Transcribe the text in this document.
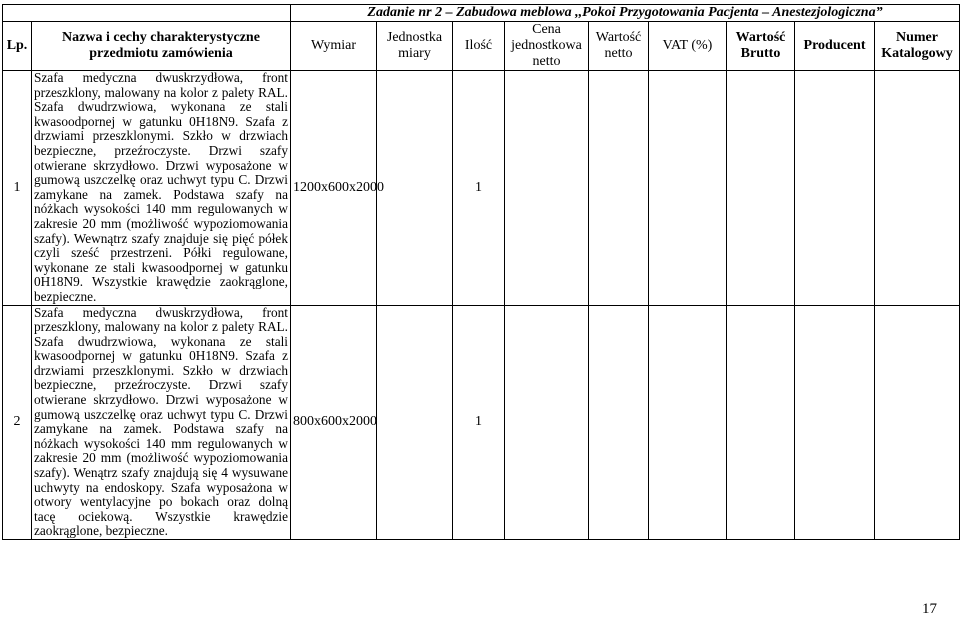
		Zadanie nr 2 – Zabudowa meblowa ,,Pokoi Przygotowania Pacjenta – Anestezjologiczna”								
Lp.	Nazwa i cechy charakterystyczne przedmiotu zamówienia	Wymiar	Jednostka miary	Ilość	Cena jednostkowa netto	Wartość netto	VAT (%)	Wartość Brutto	Producent	Numer Katalogowy
1	Szafa medyczna dwuskrzydłowa, front przeszklony, malowany na kolor z palety RAL. Szafa dwudrzwiowa, wykonana ze stali kwasoodpornej w gatunku 0H18N9. Szafa z drzwiami przeszklonymi. Szkło w drzwiach bezpieczne, przeźroczyste. Drzwi szafy otwierane skrzydłowo. Drzwi wyposażone w gumową uszczelkę oraz uchwyt typu C. Drzwi zamykane na zamek. Podstawa szafy na nóżkach wysokości 140 mm regulowanych w zakresie 20 mm (możliwość wypoziomowania szafy). Wewnątrz szafy znajduje się pięć półek czyli sześć przestrzeni. Półki regulowane, wykonane ze stali kwasoodpornej w gatunku 0H18N9. Wszystkie krawędzie zaokrąglone, bezpieczne.	1200x600x2000		1						
2	Szafa medyczna dwuskrzydłowa, front przeszklony, malowany na kolor z palety RAL. Szafa dwudrzwiowa, wykonana ze stali kwasoodpornej w gatunku 0H18N9. Szafa z drzwiami przeszklonymi. Szkło w drzwiach bezpieczne, przeźroczyste. Drzwi szafy otwierane skrzydłowo. Drzwi wyposażone w gumową uszczelkę oraz uchwyt typu C. Drzwi zamykane na zamek. Podstawa szafy na nóżkach wysokości 140 mm regulowanych w zakresie 20 mm (możliwość wypoziomowania szafy). Wenątrz szafy znajdują się 4 wysuwane uchwyty na endoskopy. Szafa wyposażona w otwory wentylacyjne po bokach oraz dolną tacę ociekową. Wszystkie krawędzie zaokrąglone, bezpieczne.	800x600x2000		1						
17
